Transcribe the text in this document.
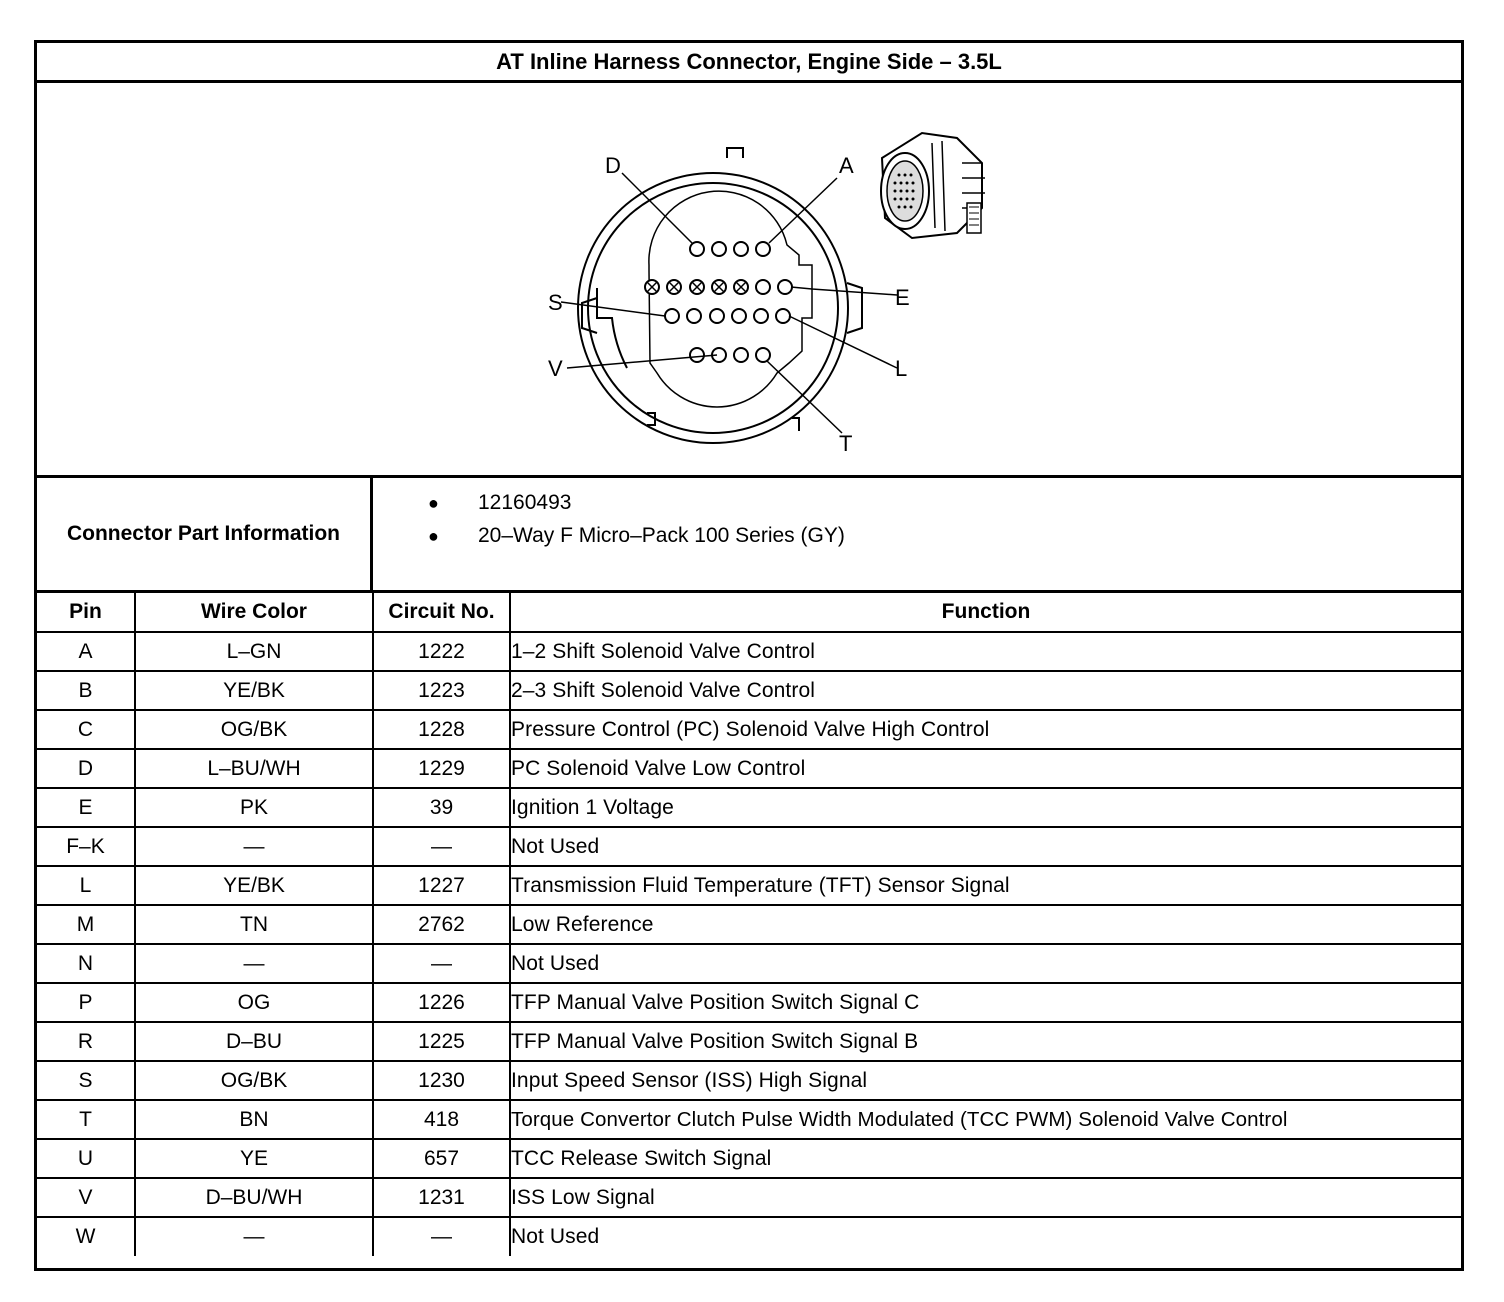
AT Inline Harness Connector, Engine Side – 3.5L
D	A
S	E
V	L
T
Connector Part Information
● 12160493
● 20–Way F Micro–Pack 100 Series (GY)
Pin	Wire Color	Circuit No.	Function
A	L–GN	1222	1–2 Shift Solenoid Valve Control
B	YE/BK	1223	2–3 Shift Solenoid Valve Control
C	OG/BK	1228	Pressure Control (PC) Solenoid Valve High Control
D	L–BU/WH	1229	PC Solenoid Valve Low Control
E	PK	39	Ignition 1 Voltage
F–K	—	—	Not Used
L	YE/BK	1227	Transmission Fluid Temperature (TFT) Sensor Signal
M	TN	2762	Low Reference
N	—	—	Not Used
P	OG	1226	TFP Manual Valve Position Switch Signal C
R	D–BU	1225	TFP Manual Valve Position Switch Signal B
S	OG/BK	1230	Input Speed Sensor (ISS) High Signal
T	BN	418	Torque Convertor Clutch Pulse Width Modulated (TCC PWM) Solenoid Valve Control
U	YE	657	TCC Release Switch Signal
V	D–BU/WH	1231	ISS Low Signal
W	—	—	Not Used
